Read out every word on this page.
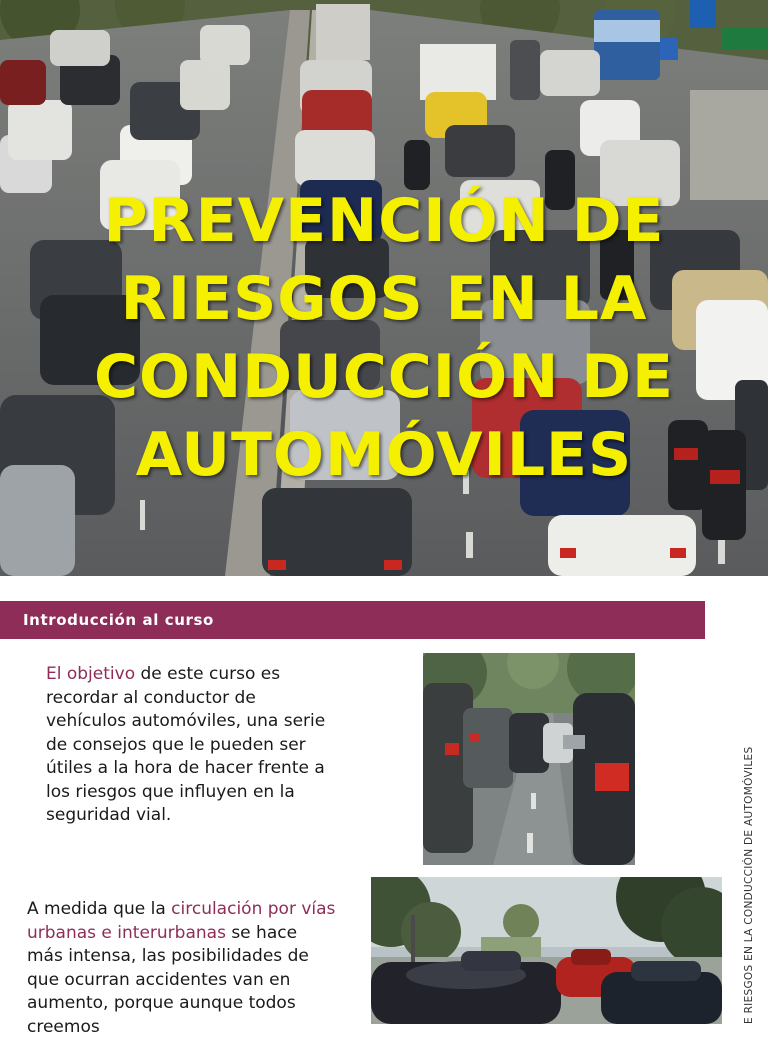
PREVENCIÓN DE
RIESGOS EN LA
CONDUCCIÓN DE
AUTOMÓVILES
Introducción al curso

El objetivo de este curso es recordar al conductor de vehículos automóviles, una serie de consejos que le pueden ser útiles a la hora de hacer frente a los riesgos que influyen en la seguridad vial.

A medida que la circulación por vías urbanas e interurbanas se hace más intensa, las posibilidades de que ocurran accidentes van en aumento, porque aunque todos creemos

E RIESGOS EN LA CONDUCCIÓN DE AUTOMÓVILES
